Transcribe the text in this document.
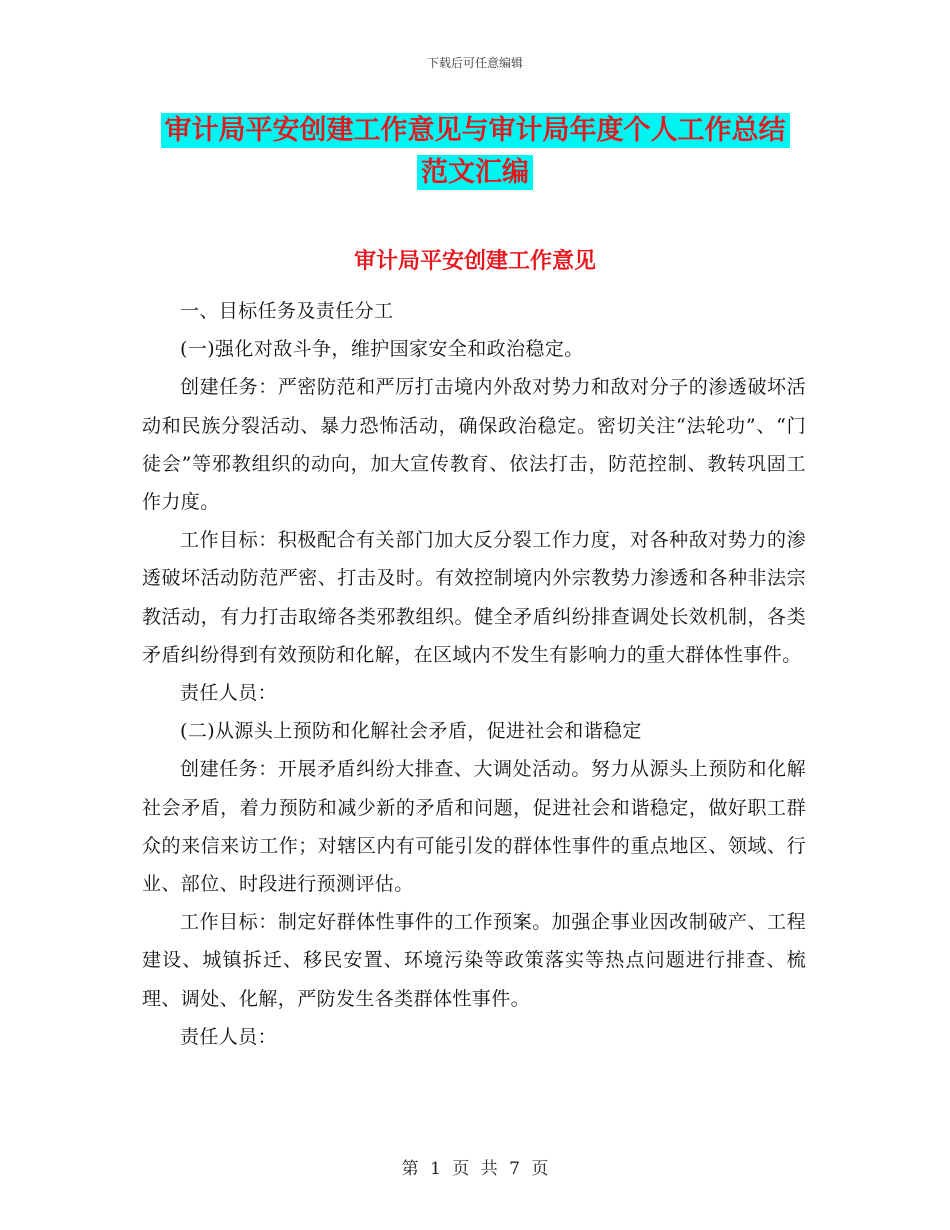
下载后可任意编辑
审计局平安创建工作意见与审计局年度个人工作总结
范文汇编
审计局平安创建工作意见

一、目标任务及责任分工

(一)强化对敌斗争，维护国家安全和政治稳定。

创建任务：严密防范和严厉打击境内外敌对势力和敌对分子的渗透破坏活动和民族分裂活动、暴力恐怖活动，确保政治稳定。密切关注“法轮功”、“门徒会”等邪教组织的动向，加大宣传教育、依法打击，防范控制、教转巩固工作力度。

工作目标：积极配合有关部门加大反分裂工作力度，对各种敌对势力的渗透破坏活动防范严密、打击及时。有效控制境内外宗教势力渗透和各种非法宗教活动，有力打击取缔各类邪教组织。健全矛盾纠纷排查调处长效机制，各类矛盾纠纷得到有效预防和化解，在区域内不发生有影响力的重大群体性事件。

责任人员：

(二)从源头上预防和化解社会矛盾，促进社会和谐稳定

创建任务：开展矛盾纠纷大排查、大调处活动。努力从源头上预防和化解社会矛盾，着力预防和减少新的矛盾和问题，促进社会和谐稳定，做好职工群众的来信来访工作；对辖区内有可能引发的群体性事件的重点地区、领域、行业、部位、时段进行预测评估。

工作目标：制定好群体性事件的工作预案。加强企事业因改制破产、工程建设、城镇拆迁、移民安置、环境污染等政策落实等热点问题进行排查、梳理、调处、化解，严防发生各类群体性事件。

责任人员：

第 1 页 共 7 页
